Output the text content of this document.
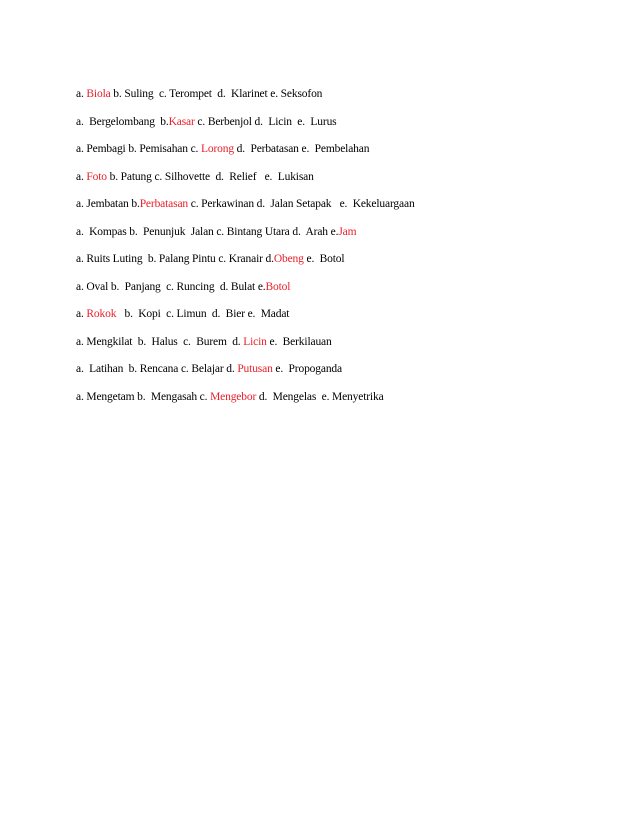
a. Biola b. Suling  c. Terompet  d.  Klarinet e. Seksofon
a.  Bergelombang  b.Kasar c. Berbenjol d.  Licin  e.  Lurus
a. Pembagi b. Pemisahan c. Lorong d.  Perbatasan e.  Pembelahan
a. Foto b. Patung c. Silhovette  d.  Relief   e.  Lukisan
a. Jembatan b.Perbatasan c. Perkawinan d.  Jalan Setapak   e.  Kekeluargaan
a.  Kompas b.  Penunjuk  Jalan c. Bintang Utara d.  Arah e.Jam
a. Ruits Luting  b. Palang Pintu c. Kranair d.Obeng e.  Botol
a. Oval b.  Panjang  c. Runcing  d. Bulat e.Botol
a. Rokok   b.  Kopi  c. Limun  d.  Bier e.  Madat
a. Mengkilat  b.  Halus  c.  Burem  d. Licin e.  Berkilauan
a.  Latihan  b. Rencana c. Belajar d. Putusan e.  Propoganda
a. Mengetam b.  Mengasah c. Mengebor d.  Mengelas  e. Menyetrika
